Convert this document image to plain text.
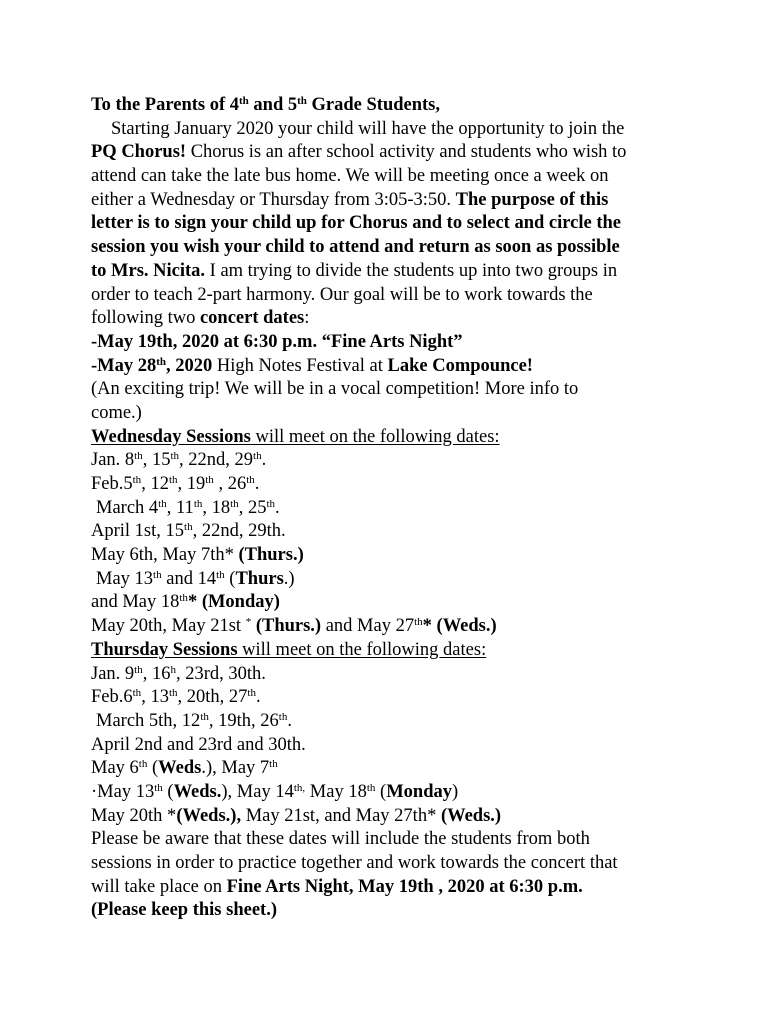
To the Parents of 4th and 5th Grade Students,
Starting January 2020 your child will have the opportunity to join the
PQ Chorus! Chorus is an after school activity and students who wish to
attend can take the late bus home. We will be meeting once a week on
either a Wednesday or Thursday from 3:05-3:50. The purpose of this
letter is to sign your child up for Chorus and to select and circle the
session you wish your child to attend and return as soon as possible
to Mrs. Nicita. I am trying to divide the students up into two groups in
order to teach 2-part harmony. Our goal will be to work towards the
following two concert dates:
-May 19th, 2020 at 6:30 p.m. “Fine Arts Night”
-May 28th, 2020 High Notes Festival at Lake Compounce!
(An exciting trip! We will be in a vocal competition! More info to
come.)
Wednesday Sessions will meet on the following dates:
Jan. 8th, 15th, 22nd, 29th.
Feb.5th, 12th, 19th , 26th.
March 4th, 11th, 18th, 25th.
April 1st, 15th, 22nd, 29th.
May 6th, May 7th* (Thurs.)
May 13th and 14th (Thurs.)
and May 18th* (Monday)
May 20th, May 21st * (Thurs.) and May 27th* (Weds.)
Thursday Sessions will meet on the following dates:
Jan. 9th, 16$^h$, 23rd, 30th.
Feb.6th, 13th, 20th, 27th.
March 5th, 12th, 19th, 26th.
April 2nd and 23rd and 30th.
May 6th (Weds.), May 7th
·May 13th (Weds.), May $14^{th,}$ May 18th (Monday)
May 20th *(Weds.), May 21st, and May 27th* (Weds.)
Please be aware that these dates will include the students from both
sessions in order to practice together and work towards the concert that
will take place on Fine Arts Night, May 19th , 2020 at 6:30 p.m.
(Please keep this sheet.)
